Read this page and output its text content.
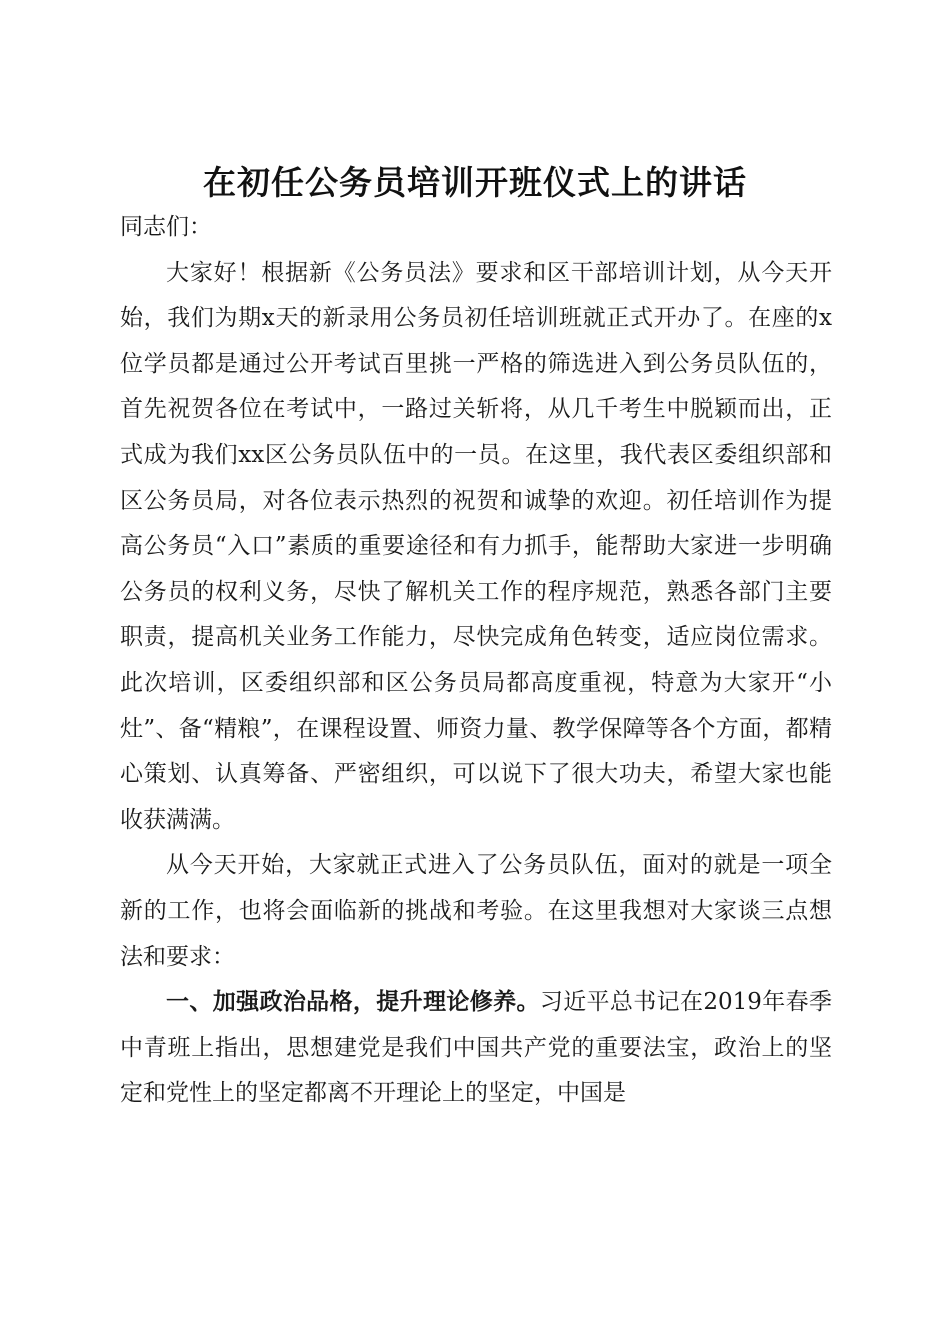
在初任公务员培训开班仪式上的讲话

同志们：

大家好！根据新《公务员法》要求和区干部培训计划，从今天开始，我们为期x天的新录用公务员初任培训班就正式开办了。在座的x位学员都是通过公开考试百里挑一严格的筛选进入到公务员队伍的，首先祝贺各位在考试中，一路过关斩将，从几千考生中脱颖而出，正式成为我们xx区公务员队伍中的一员。在这里，我代表区委组织部和区公务员局，对各位表示热烈的祝贺和诚挚的欢迎。初任培训作为提高公务员“入口”素质的重要途径和有力抓手，能帮助大家进一步明确公务员的权利义务，尽快了解机关工作的程序规范，熟悉各部门主要职责，提高机关业务工作能力，尽快完成角色转变，适应岗位需求。此次培训，区委组织部和区公务员局都高度重视，特意为大家开“小灶”、备“精粮”，在课程设置、师资力量、教学保障等各个方面，都精心策划、认真筹备、严密组织，可以说下了很大功夫，希望大家也能收获满满。

从今天开始，大家就正式进入了公务员队伍，面对的就是一项全新的工作，也将会面临新的挑战和考验。在这里我想对大家谈三点想法和要求：

一、加强政治品格，提升理论修养。习近平总书记在2019年春季中青班上指出，思想建党是我们中国共产党的重要法宝，政治上的坚定和党性上的坚定都离不开理论上的坚定，中国是
